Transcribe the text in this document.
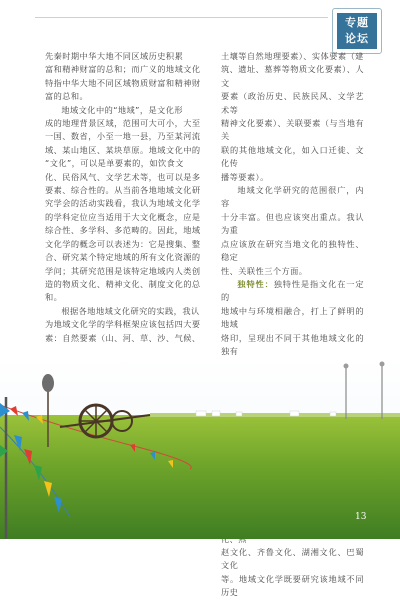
专题
论坛

先秦时期中华大地不同区域历史积累

富和精神财富的总和；而广义的地域文化

特指中华大地不同区域物质财富和精神财

富的总和。

地域文化中的“地域”，是文化形

成的地理背景区域，范围可大可小，大至

一国、数省，小至一地一县，乃至某河流

域、某山地区、某块草原。地域文化中的

“文化”，可以是单要素的，如饮食文

化、民俗风气、文学艺术等，也可以是多

要素、综合性的。从当前各地地域文化研

究学会的活动实践看，我认为地域文化学

的学科定位应当适用于大文化概念，应是

综合性、多学科、多范畴的。因此，地域

文化学的概念可以表述为：它是搜集、整

合、研究某个特定地域的所有文化资源的

学问；其研究范围是该特定地域内人类创

造的物质文化、精神文化、制度文化的总

和。

根据各地地域文化研究的实践，我认

为地域文化学的学科框架应该包括四大要

素：自然要素（山、河、草、沙、气候、

土壤等自然地理要素）、实体要素（建

筑、遗址、墓葬等物质文化要素）、人文

要素（政治历史、民族民风、文学艺术等

精神文化要素）、关联要素（与当地有关

联的其他地域文化，如入口迁徙、文化传

播等要素）。

地域文化学研究的范围很广，内容

十分丰富。但也应该突出重点。我认为重

点应该放在研究当地文化的独特性、稳定

性、关联性三个方面。

独特性：独特性是指文化在一定的

地域中与环境相融合，打上了鲜明的地域

烙印，呈现出不同于其他地域文化的独有

赵文化、齐鲁文化、湖湘文化、巴蜀文化

等。地域文化学既要研究该地域不同历史

13
